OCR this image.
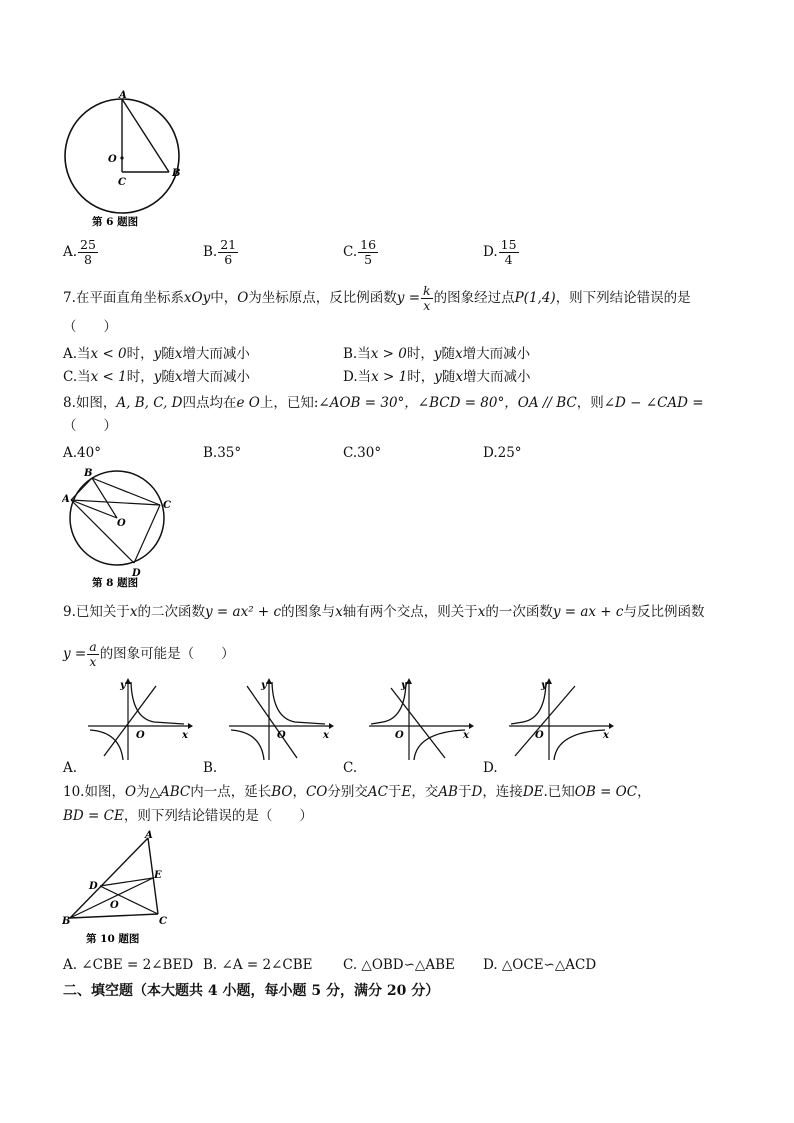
A
O
C
B
第 6 题图
A. $\frac{25}{8}$	B. $\frac{21}{6}$	C. $\frac{16}{5}$	D. $\frac{15}{4}$
7.在平面直角坐标系xOy中，O为坐标原点，反比例函数$y = \frac{k}{x}$ 的图象经过点P(1,4)，则下列结论错误的是
（　　）
A.当x < 0时，y随x增大而减小	B.当x > 0时，y随x增大而减小
C.当x < 1时，y随x增大而减小	D.当x > 1时，y随x增大而减小
8.如图，A, B, C, D四点均在e O上，已知:∠AOB = 30°，∠BCD = 80°，OA // BC，则∠D − ∠CAD =
（　　）
A.40°	B.35°	C.30°	D.25°
B
A
C
O
D
第 8 题图
9.已知关于x的二次函数y = ax² + c的图象与x轴有两个交点，则关于x的一次函数y = ax + c与反比例函数
$y = \frac{a}{x}$ 的图象可能是（　　）
y
x
O
y
x
O
y
x
O
y
x
O
A.	B.	C.	D.
10.如图，O为△ABC内一点，延长BO，CO分别交AC于E，交AB于D，连接DE.已知OB = OC，
BD = CE，则下列结论错误的是（　　）
A
D
E
O
B	C
第 10 题图
A. ∠CBE = 2∠BED B. ∠A = 2∠CBE C. △OBD∽△ABE D. △OCE∽△ACD
二、填空题（本大题共 4 小题，每小题 5 分，满分 20 分）
